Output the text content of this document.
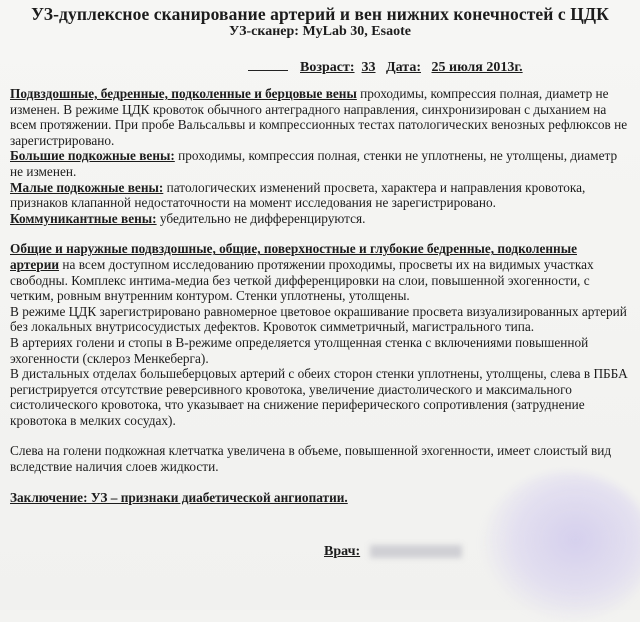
УЗ-дуплексное сканирование артерий и вен нижних конечностей с ЦДК
УЗ-сканер: MyLab 30, Esaote
Возраст: 33 Дата: 25 июля 2013г.

Подвздошные, бедренные, подколенные и берцовые вены проходимы, компрессия полная, диаметр не изменен. В режиме ЦДК кровоток обычного антеградного направления, синхронизирован с дыханием на всем протяжении. При пробе Вальсальвы и компрессионных тестах патологических венозных рефлюксов не зарегистрировано.

Большие подкожные вены: проходимы, компрессия полная, стенки не уплотнены, не утолщены, диаметр не изменен.

Малые подкожные вены: патологических изменений просвета, характера и направления кровотока, признаков клапанной недостаточности на момент исследования не зарегистрировано.

Коммуникантные вены: убедительно не дифференцируются.

Общие и наружные подвздошные, общие, поверхностные и глубокие бедренные, подколенные артерии на всем доступном исследованию протяжении проходимы, просветы их на видимых участках свободны. Комплекс интима-медиа без четкой дифференцировки на слои, повышенной эхогенности, с четким, ровным внутренним контуром. Стенки уплотнены, утолщены.

В режиме ЦДК зарегистрировано равномерное цветовое окрашивание просвета визуализированных артерий без локальных внутрисосудистых дефектов. Кровоток симметричный, магистрального типа.

В артериях голени и стопы в В-режиме определяется утолщенная стенка с включениями повышенной эхогенности (склероз Менкеберга).

В дистальных отделах большеберцовых артерий с обеих сторон стенки уплотнены, утолщены, слева в ПББА регистрируется отсутствие реверсивного кровотока, увеличение диастолического и максимального систолического кровотока, что указывает на снижение периферического сопротивления (затруднение кровотока в мелких сосудах).

Слева на голени подкожная клетчатка увеличена в объеме, повышенной эхогенности, имеет слоистый вид вследствие наличия слоев жидкости.

Заключение: УЗ – признаки диабетической ангиопатии.

Врач:
